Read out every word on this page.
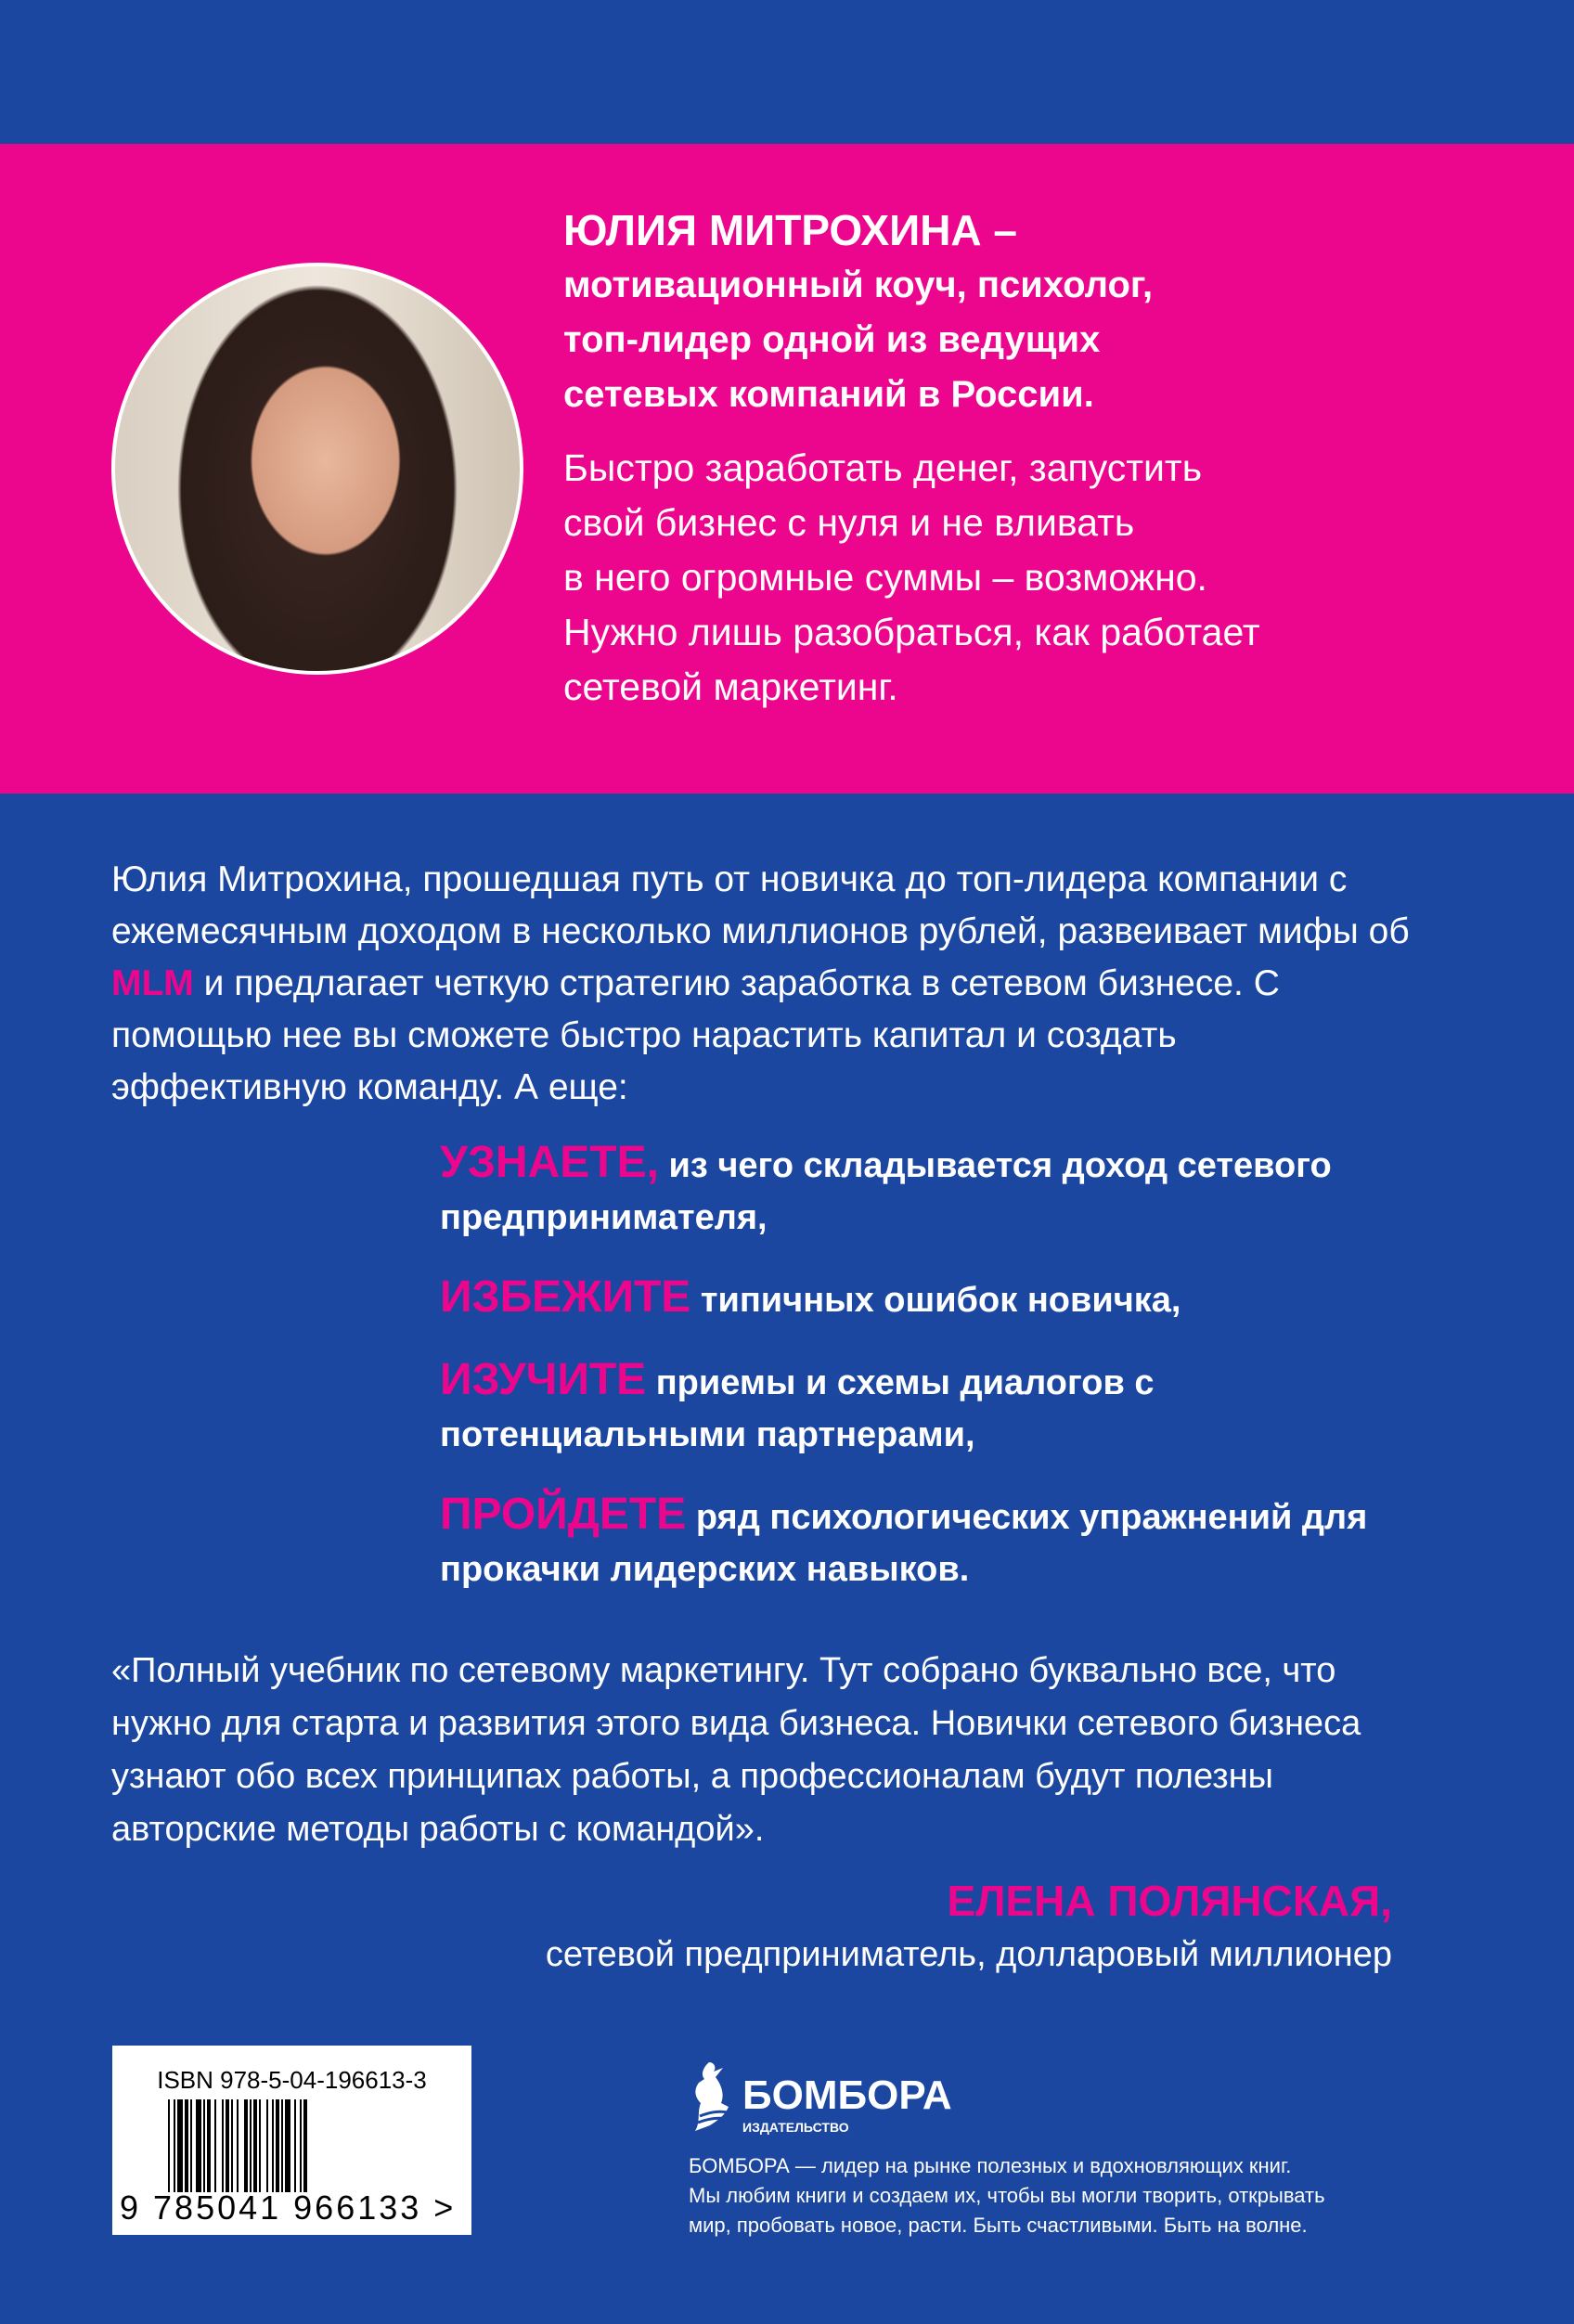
ЮЛИЯ МИТРОХИНА –
мотивационный коуч, психолог,
топ-лидер одной из ведущих
сетевых компаний в России.
Быстро заработать денег, запустить
свой бизнес с нуля и не вливать
в него огромные суммы – возможно.
Нужно лишь разобраться, как работает
сетевой маркетинг.

Юлия Митрохина, прошедшая путь от новичка до топ-лидера компании с ежемесячным доходом в несколько миллионов рублей, развеивает мифы об MLM и предлагает четкую стратегию заработка в сетевом бизнесе. С помощью нее вы сможете быстро нарастить капитал и создать эффективную команду. А еще:

УЗНАЕТЕ, из чего складывается доход сетевого предпринимателя,
ИЗБЕЖИТЕ типичных ошибок новичка,
ИЗУЧИТЕ приемы и схемы диалогов с потенциальными партнерами,
ПРОЙДЕТЕ ряд психологических упражнений для прокачки лидерских навыков.

«Полный учебник по сетевому маркетингу. Тут собрано буквально все, что нужно для старта и развития этого вида бизнеса. Новички сетевого бизнеса узнают обо всех принципах работы, а профессионалам будут полезны авторские методы работы с командой».

ЕЛЕНА ПОЛЯНСКАЯ,
сетевой предприниматель, долларовый миллионер
ISBN 978-5-04-196613-3
9 785041 966133 >
БОМБОРА
ИЗДАТЕЛЬСТВО
БОМБОРА — лидер на рынке полезных и вдохновляющих книг.
Мы любим книги и создаем их, чтобы вы могли творить, открывать
мир, пробовать новое, расти. Быть счастливыми. Быть на волне.
